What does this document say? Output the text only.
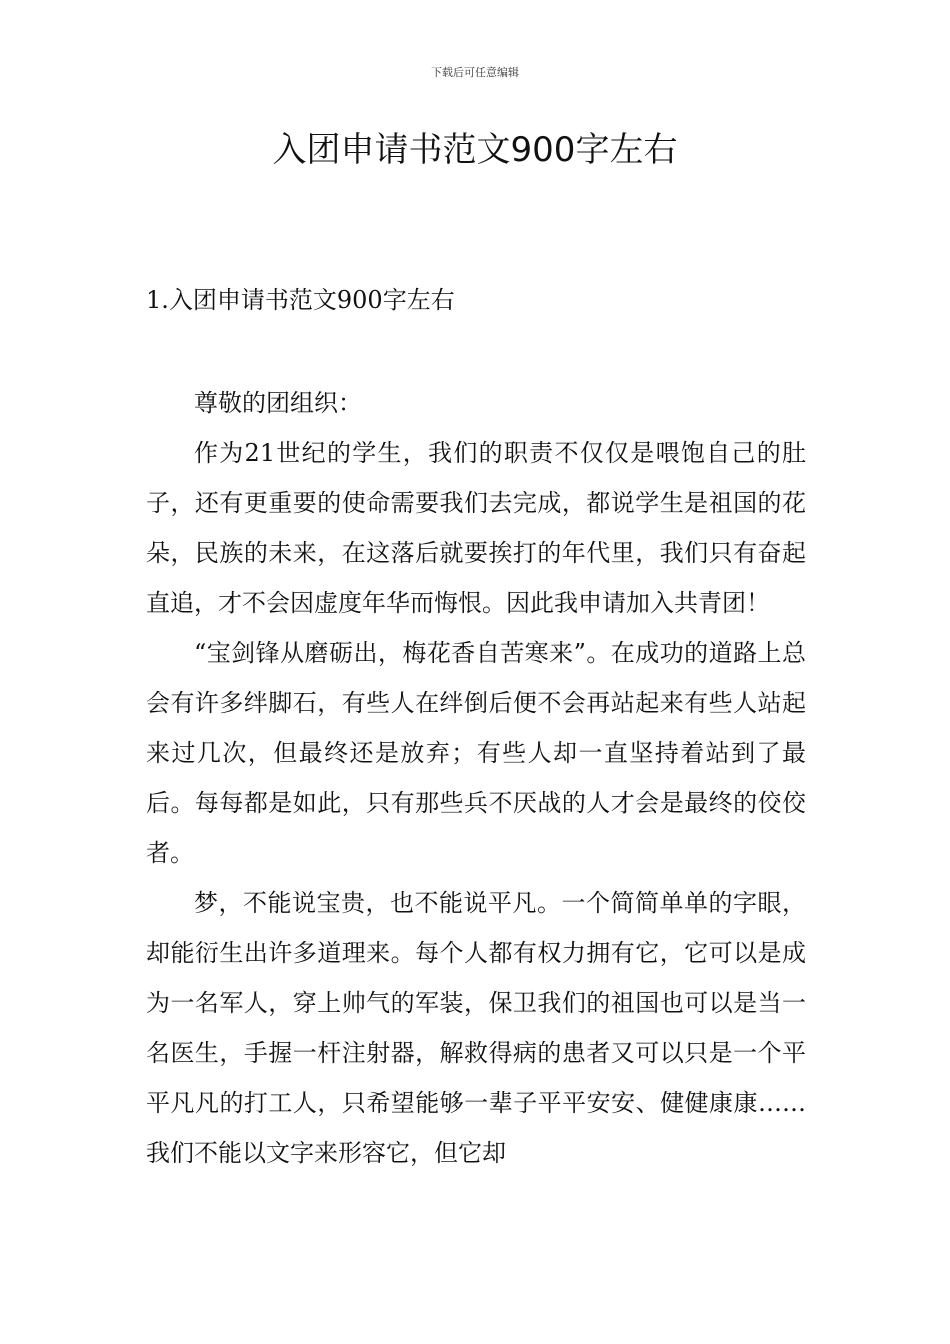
下载后可任意编辑
入团申请书范文900字左右

1.入团申请书范文900字左右

尊敬的团组织：

作为21世纪的学生，我们的职责不仅仅是喂饱自己的肚子，还有更重要的使命需要我们去完成，都说学生是祖国的花朵，民族的未来，在这落后就要挨打的年代里，我们只有奋起直追，才不会因虚度年华而悔恨。因此我申请加入共青团！

“宝剑锋从磨砺出，梅花香自苦寒来”。在成功的道路上总会有许多绊脚石，有些人在绊倒后便不会再站起来有些人站起来过几次，但最终还是放弃；有些人却一直坚持着站到了最后。每每都是如此，只有那些兵不厌战的人才会是最终的佼佼者。

梦，不能说宝贵，也不能说平凡。一个简简单单的字眼，却能衍生出许多道理来。每个人都有权力拥有它，它可以是成为一名军人，穿上帅气的军装，保卫我们的祖国也可以是当一名医生，手握一杆注射器，解救得病的患者又可以只是一个平平凡凡的打工人，只希望能够一辈子平平安安、健健康康……我们不能以文字来形容它，但它却
